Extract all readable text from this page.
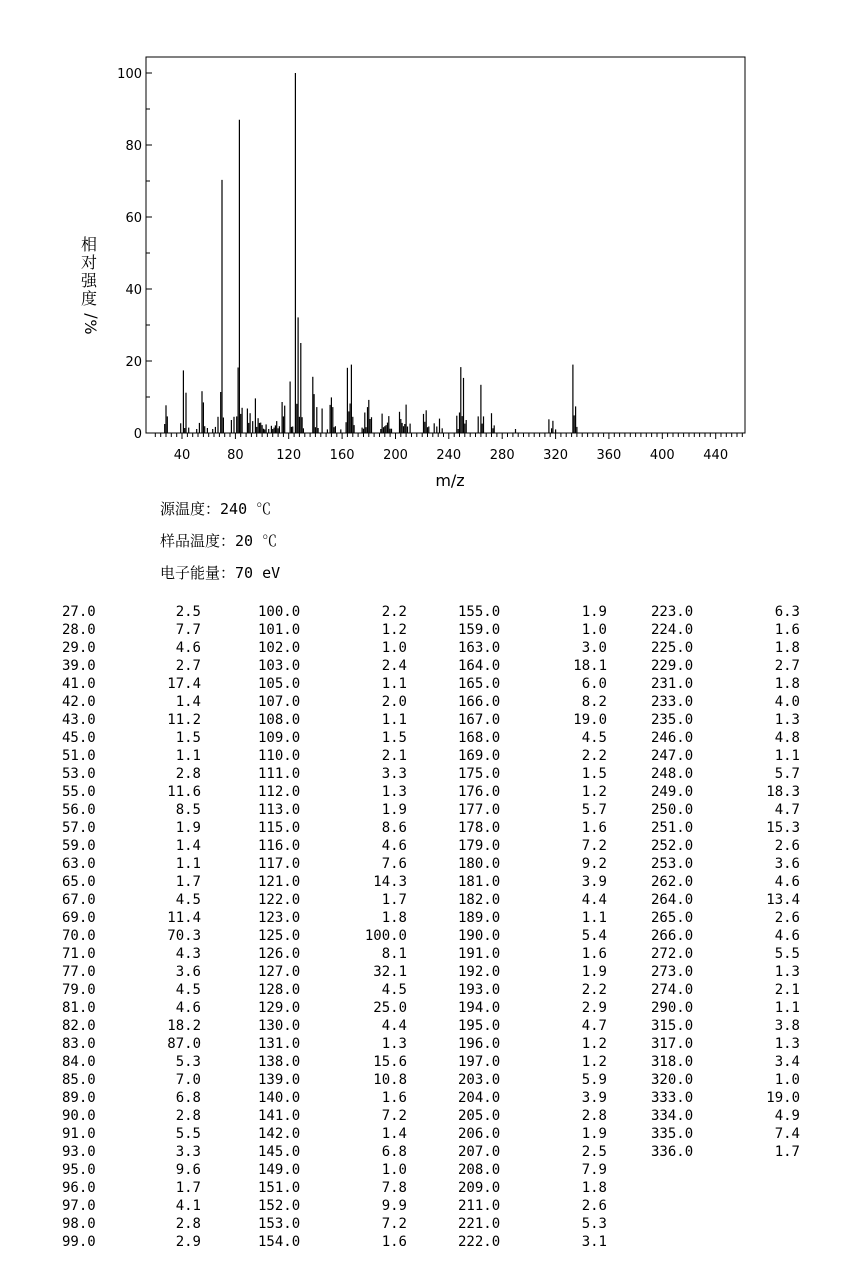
40	80	120 160 200 240 280 320 360 400 440
0
20
40
60
80
100
m/z
相
对
强
度
/
%
源温度：240 ℃
样品温度：20 ℃
电子能量：70 eV
27.0	2.5
28.0	7.7
29.0	4.6
39.0	2.7
41.0	17.4
42.0	1.4
43.0	11.2
45.0	1.5
51.0	1.1
53.0	2.8
55.0	11.6
56.0	8.5
57.0	1.9
59.0	1.4
63.0	1.1
65.0	1.7
67.0	4.5
69.0	11.4
70.0	70.3
71.0	4.3
77.0	3.6
79.0	4.5
81.0	4.6
82.0	18.2
83.0	87.0
84.0	5.3
85.0	7.0
89.0	6.8
90.0	2.8
91.0	5.5
93.0	3.3
95.0	9.6
96.0	1.7
97.0	4.1
98.0	2.8
99.0	2.9
100.0	2.2
101.0	1.2
102.0	1.0
103.0	2.4
105.0	1.1
107.0	2.0
108.0	1.1
109.0	1.5
110.0	2.1
111.0	3.3
112.0	1.3
113.0	1.9
115.0	8.6
116.0	4.6
117.0	7.6
121.0	14.3
122.0	1.7
123.0	1.8
125.0	100.0
126.0	8.1
127.0	32.1
128.0	4.5
129.0	25.0
130.0	4.4
131.0	1.3
138.0	15.6
139.0	10.8
140.0	1.6
141.0	7.2
142.0	1.4
145.0	6.8
149.0	1.0
151.0	7.8
152.0	9.9
153.0	7.2
154.0	1.6
155.0	1.9
159.0	1.0
163.0	3.0
164.0	18.1
165.0	6.0
166.0	8.2
167.0	19.0
168.0	4.5
169.0	2.2
175.0	1.5
176.0	1.2
177.0	5.7
178.0	1.6
179.0	7.2
180.0	9.2
181.0	3.9
182.0	4.4
189.0	1.1
190.0	5.4
191.0	1.6
192.0	1.9
193.0	2.2
194.0	2.9
195.0	4.7
196.0	1.2
197.0	1.2
203.0	5.9
204.0	3.9
205.0	2.8
206.0	1.9
207.0	2.5
208.0	7.9
209.0	1.8
211.0	2.6
221.0	5.3
222.0	3.1
223.0	6.3
224.0	1.6
225.0	1.8
229.0	2.7
231.0	1.8
233.0	4.0
235.0	1.3
246.0	4.8
247.0	1.1
248.0	5.7
249.0	18.3
250.0	4.7
251.0	15.3
252.0	2.6
253.0	3.6
262.0	4.6
264.0	13.4
265.0	2.6
266.0	4.6
272.0	5.5
273.0	1.3
274.0	2.1
290.0	1.1
315.0	3.8
317.0	1.3
318.0	3.4
320.0	1.0
333.0	19.0
334.0	4.9
335.0	7.4
336.0	1.7
